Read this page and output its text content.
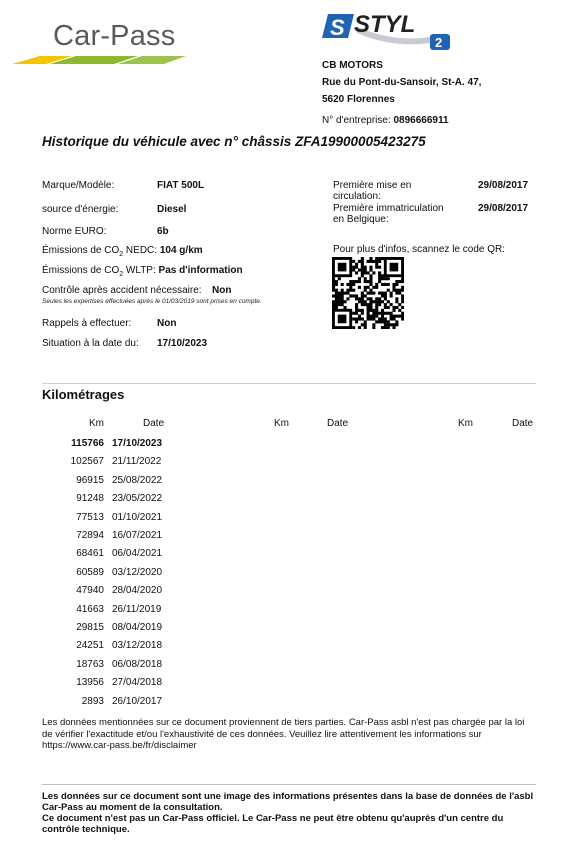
Car-Pass	S STYL
2
CB MOTORS
Rue du Pont-du-Sansoir, St-A. 47,
5620 Florennes
N° d'entreprise: 0896666911
Historique du véhicule avec n° châssis ZFA19900005423275
Marque/Modèle:	FIAT 500L
source d'énergie:	Diesel
Norme EURO:	6b
Émissions de $CO_2$ NEDC: 104 g/km
Émissions de $CO_2$ WLTP: Pas d'information
Contrôle après accident nécessaire: Non
Seules les expertises effectuées après le 01/03/2019 sont prises en compte.
Rappels à effectuer:	Non
Situation à la date du: 17/10/2023
Première mise en
circulation:
29/08/2017
Première immatriculation
en Belgique:
29/08/2017
Pour plus d'infos, scannez le code QR:
Kilométrages
Km	Date	Km	Date	Km	Date
115766 17/10/2023
102567 21/11/2022
96915 25/08/2022
91248 23/05/2022
77513 01/10/2021
72894 16/07/2021
68461 06/04/2021
60589 03/12/2020
47940 28/04/2020
41663 26/11/2019
29815 08/04/2019
24251 03/12/2018
18763 06/08/2018
13956 27/04/2018
2893 26/10/2017
Les données mentionnées sur ce document proviennent de tiers parties. Car-Pass asbl n'est pas chargée par la loi de vérifier l'exactitude et/ou l'exhaustivité de ces données. Veuillez lire attentivement les informations sur https://www.car-pass.be/fr/disclaimer
Les données sur ce document sont une image des informations présentes dans la base de données de l'asbl Car-Pass au moment de la consultation.
Ce document n'est pas un Car-Pass officiel. Le Car-Pass ne peut être obtenu qu'auprès d'un centre du contrôle technique.
